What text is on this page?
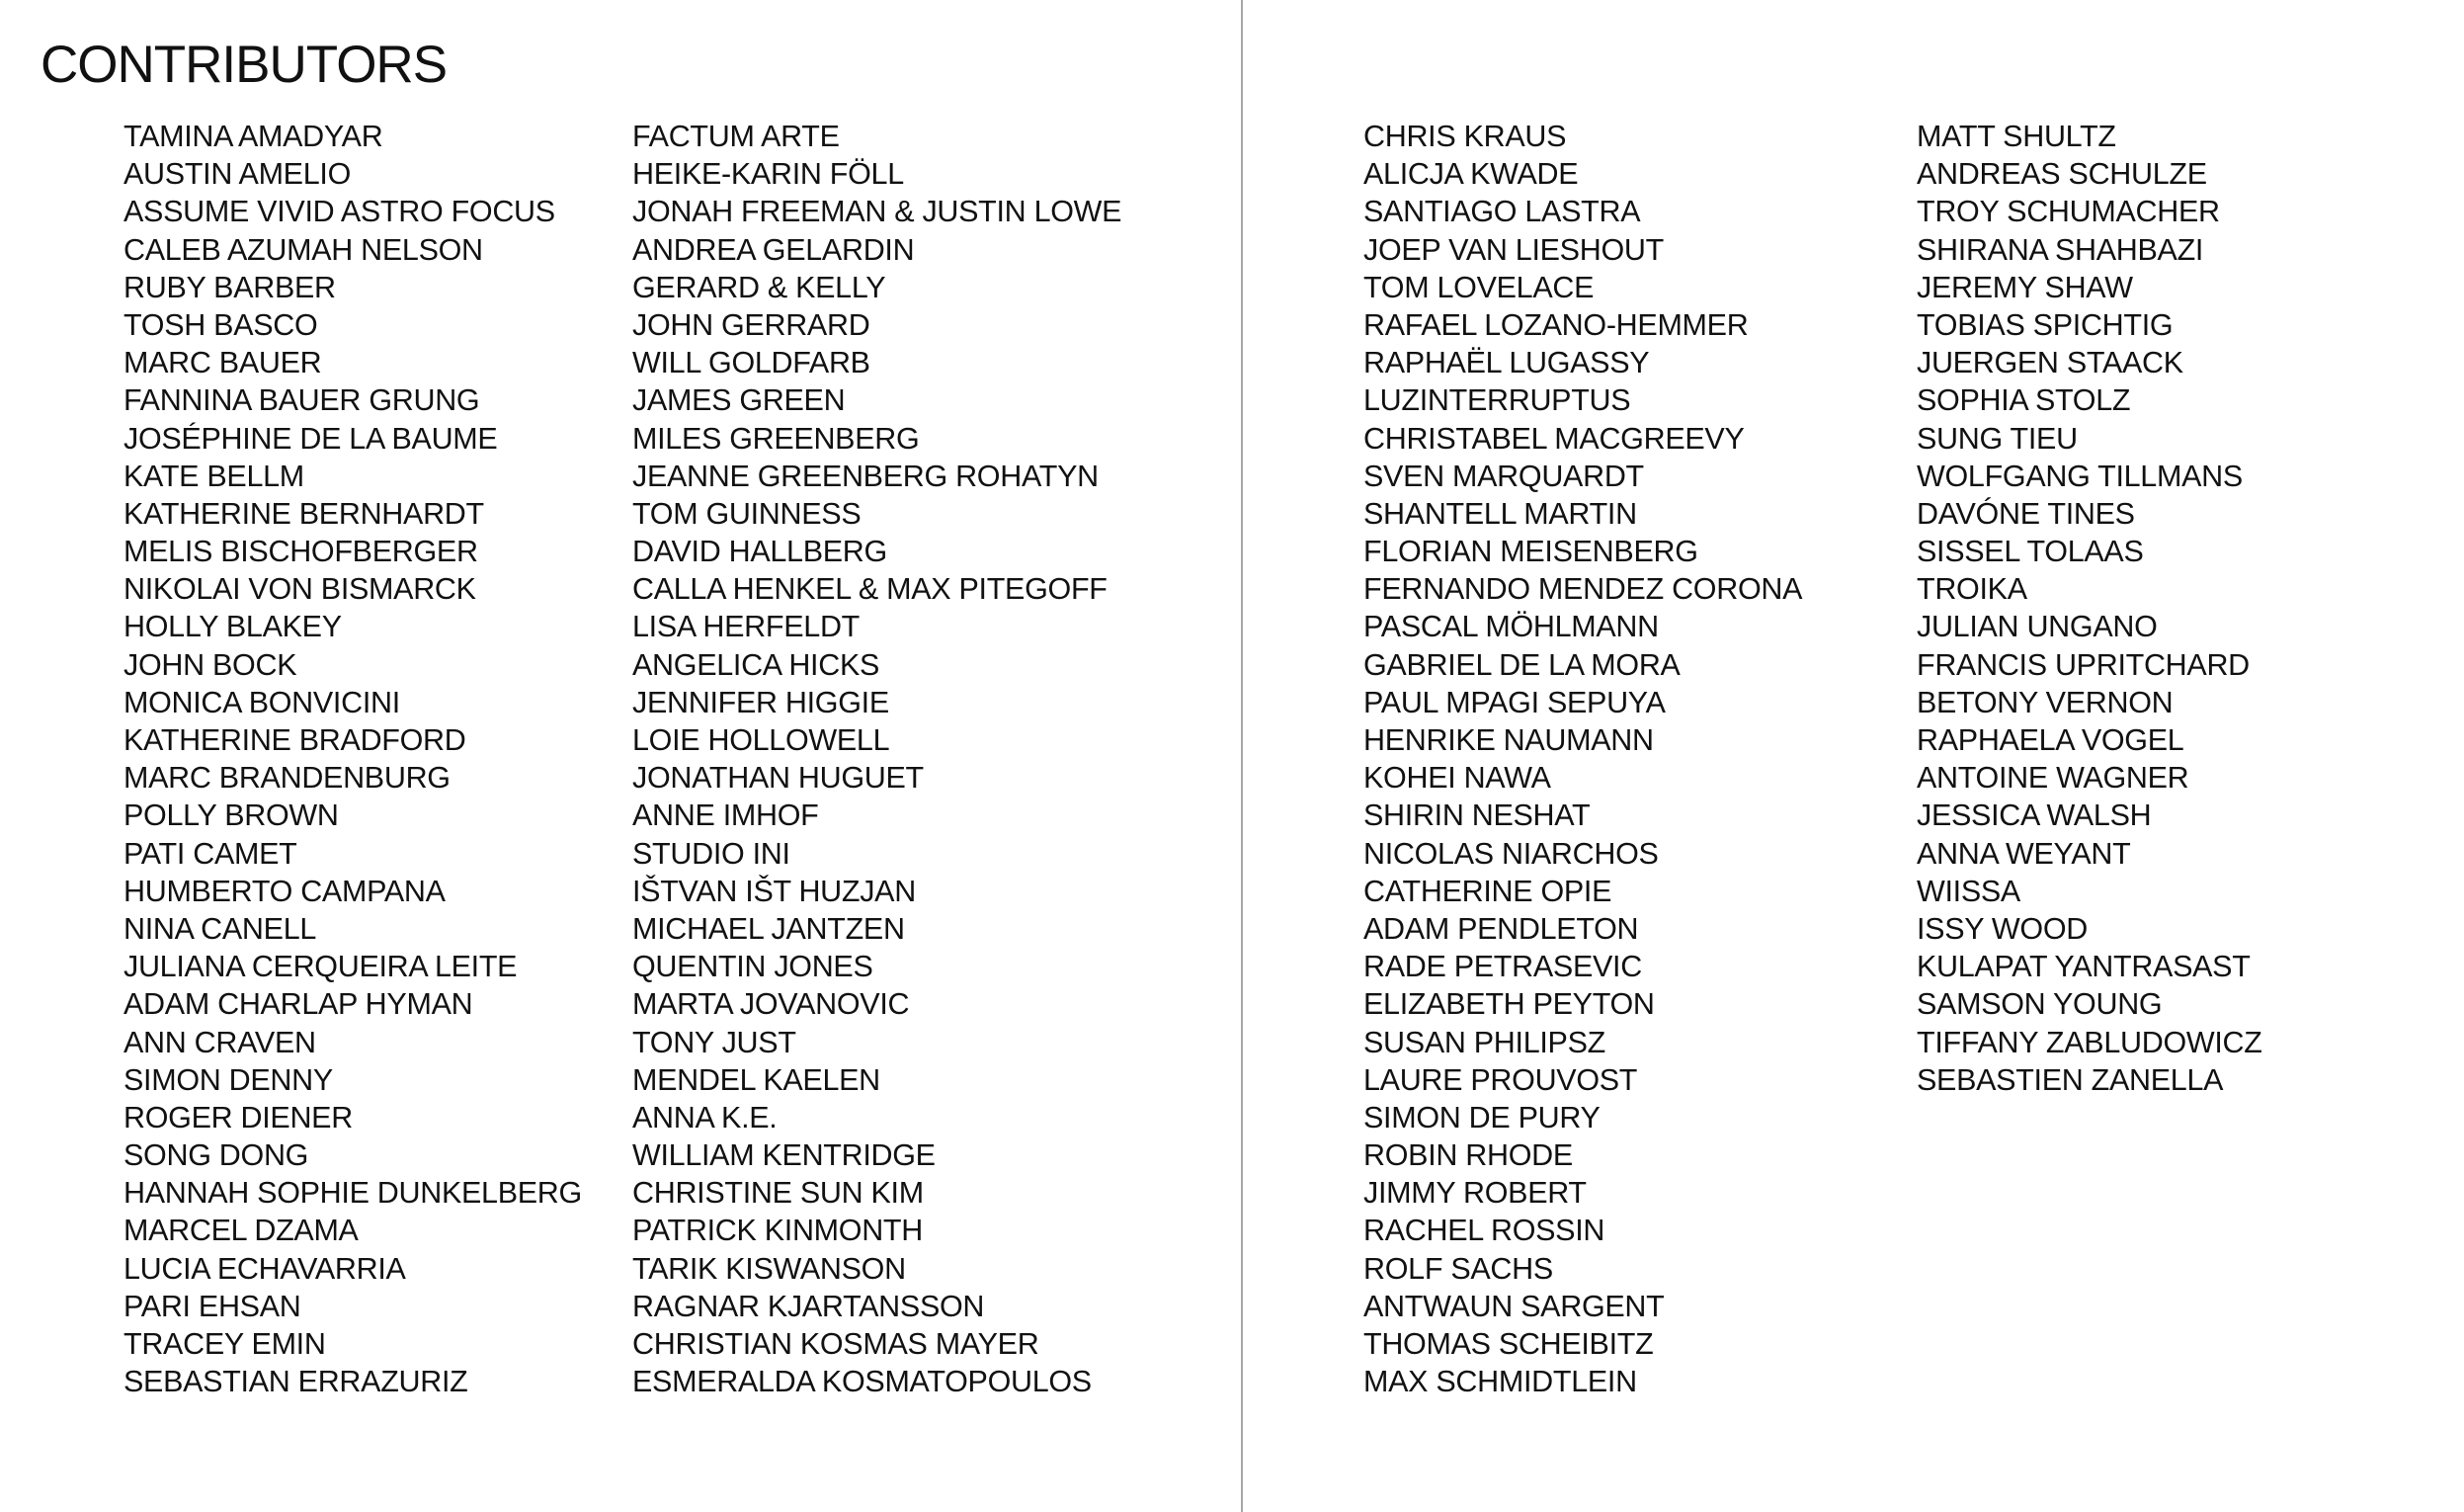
CONTRIBUTORS
TAMINA AMADYAR
AUSTIN AMELIO
ASSUME VIVID ASTRO FOCUS
CALEB AZUMAH NELSON
RUBY BARBER
TOSH BASCO
MARC BAUER
FANNINA BAUER GRUNG
JOSÉPHINE DE LA BAUME
KATE BELLM
KATHERINE BERNHARDT
MELIS BISCHOFBERGER
NIKOLAI VON BISMARCK
HOLLY BLAKEY
JOHN BOCK
MONICA BONVICINI
KATHERINE BRADFORD
MARC BRANDENBURG
POLLY BROWN
PATI CAMET
HUMBERTO CAMPANA
NINA CANELL
JULIANA CERQUEIRA LEITE
ADAM CHARLAP HYMAN
ANN CRAVEN
SIMON DENNY
ROGER DIENER
SONG DONG
HANNAH SOPHIE DUNKELBERG
MARCEL DZAMA
LUCIA ECHAVARRIA
PARI EHSAN
TRACEY EMIN
SEBASTIAN ERRAZURIZ
FACTUM ARTE
HEIKE-KARIN FÖLL
JONAH FREEMAN & JUSTIN LOWE
ANDREA GELARDIN
GERARD & KELLY
JOHN GERRARD
WILL GOLDFARB
JAMES GREEN
MILES GREENBERG
JEANNE GREENBERG ROHATYN
TOM GUINNESS
DAVID HALLBERG
CALLA HENKEL & MAX PITEGOFF
LISA HERFELDT
ANGELICA HICKS
JENNIFER HIGGIE
LOIE HOLLOWELL
JONATHAN HUGUET
ANNE IMHOF
STUDIO INI
IŠTVAN IŠT HUZJAN
MICHAEL JANTZEN
QUENTIN JONES
MARTA JOVANOVIC
TONY JUST
MENDEL KAELEN
ANNA K.E.
WILLIAM KENTRIDGE
CHRISTINE SUN KIM
PATRICK KINMONTH
TARIK KISWANSON
RAGNAR KJARTANSSON
CHRISTIAN KOSMAS MAYER
ESMERALDA KOSMATOPOULOS
CHRIS KRAUS
ALICJA KWADE
SANTIAGO LASTRA
JOEP VAN LIESHOUT
TOM LOVELACE
RAFAEL LOZANO-HEMMER
RAPHAËL LUGASSY
LUZINTERRUPTUS
CHRISTABEL MACGREEVY
SVEN MARQUARDT
SHANTELL MARTIN
FLORIAN MEISENBERG
FERNANDO MENDEZ CORONA
PASCAL MÖHLMANN
GABRIEL DE LA MORA
PAUL MPAGI SEPUYA
HENRIKE NAUMANN
KOHEI NAWA
SHIRIN NESHAT
NICOLAS NIARCHOS
CATHERINE OPIE
ADAM PENDLETON
RADE PETRASEVIC
ELIZABETH PEYTON
SUSAN PHILIPSZ
LAURE PROUVOST
SIMON DE PURY
ROBIN RHODE
JIMMY ROBERT
RACHEL ROSSIN
ROLF SACHS
ANTWAUN SARGENT
THOMAS SCHEIBITZ
MAX SCHMIDTLEIN
MATT SHULTZ
ANDREAS SCHULZE
TROY SCHUMACHER
SHIRANA SHAHBAZI
JEREMY SHAW
TOBIAS SPICHTIG
JUERGEN STAACK
SOPHIA STOLZ
SUNG TIEU
WOLFGANG TILLMANS
DAVÓNE TINES
SISSEL TOLAAS
TROIKA
JULIAN UNGANO
FRANCIS UPRITCHARD
BETONY VERNON
RAPHAELA VOGEL
ANTOINE WAGNER
JESSICA WALSH
ANNA WEYANT
WIISSA
ISSY WOOD
KULAPAT YANTRASAST
SAMSON YOUNG
TIFFANY ZABLUDOWICZ
SEBASTIEN ZANELLA
